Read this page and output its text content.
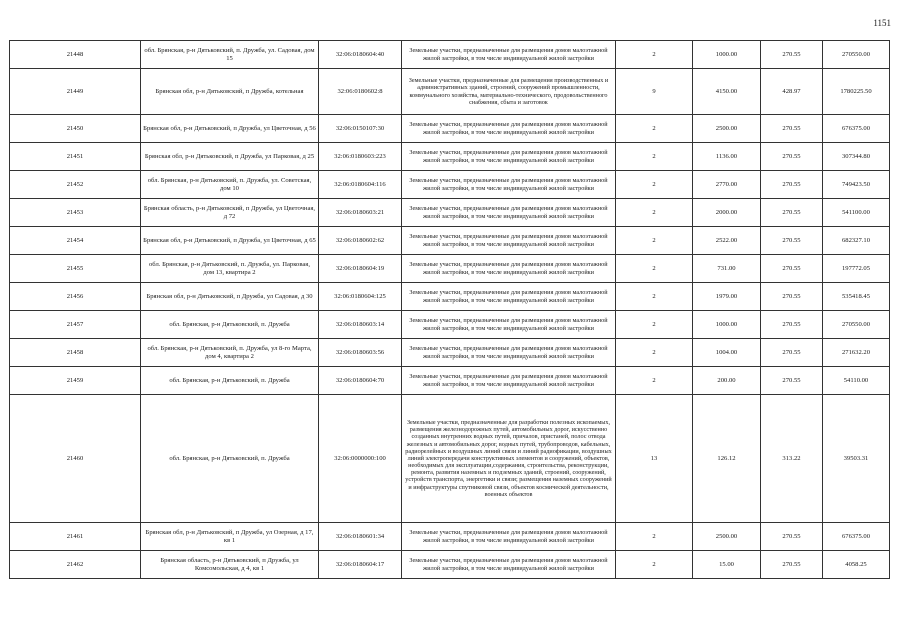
1151
21448	обл. Брянская, р-н Дятьковский, п. Дружба, ул. Садовая, дом 15	32:06:0180604:40	Земельные участки, предназначенные для размещения домов малоэтажной жилой застройки, в том числе индивидуальной жилой застройки	2	1000.00	270.55	270550.00
21449	Брянская обл, р-н Дятьковский, п Дружба, котельная	32:06:0180602:8	Земельные участки, предназначенные для размещения производственных и административных зданий, строений, сооружений промышленности, коммунального хозяйства, материально-технического, продовольственного снабжения, сбыта и заготовок	9	4150.00	428.97	1780225.50
21450	Брянская обл, р-н Дятьковский, п Дружба, ул Цветочная, д 56	32:06:0150107:30	Земельные участки, предназначенные для размещения домов малоэтажной жилой застройки, в том числе индивидуальной жилой застройки	2	2500.00	270.55	676375.00
21451	Брянская обл, р-н Дятьковский, п Дружба, ул Парковая, д 25	32:06:0180603:223	Земельные участки, предназначенные для размещения домов малоэтажной жилой застройки, в том числе индивидуальной жилой застройки	2	1136.00	270.55	307344.80
21452	обл. Брянская, р-н Дятьковский, п. Дружба, ул. Советская, дом 10	32:06:0180604:116	Земельные участки, предназначенные для размещения домов малоэтажной жилой застройки, в том числе индивидуальной жилой застройки	2	2770.00	270.55	749423.50
21453	Брянская область, р-н Дятьковский, п Дружба, ул Цветочная, д 72	32:06:0180603:21	Земельные участки, предназначенные для размещения домов малоэтажной жилой застройки, в том числе индивидуальной жилой застройки	2	2000.00	270.55	541100.00
21454	Брянская обл, р-н Дятьковский, п Дружба, ул Цветочная, д 65	32:06:0180602:62	Земельные участки, предназначенные для размещения домов малоэтажной жилой застройки, в том числе индивидуальной жилой застройки	2	2522.00	270.55	682327.10
21455	обл. Брянская, р-н Дятьковский, п. Дружба, ул. Парковая, дом 13, квартира 2	32:06:0180604:19	Земельные участки, предназначенные для размещения домов малоэтажной жилой застройки, в том числе индивидуальной жилой застройки	2	731.00	270.55	197772.05
21456	Брянская обл, р-н Дятьковский, п Дружба, ул Садовая, д 30	32:06:0180604:125	Земельные участки, предназначенные для размещения домов малоэтажной жилой застройки, в том числе индивидуальной жилой застройки	2	1979.00	270.55	535418.45
21457	обл. Брянская, р-н Дятьковский, п. Дружба	32:06:0180603:14	Земельные участки, предназначенные для размещения домов малоэтажной жилой застройки, в том числе индивидуальной жилой застройки	2	1000.00	270.55	270550.00
21458	обл. Брянская, р-н Дятьковский, п. Дружба, ул 8-го Марта, дом 4, квартира 2	32:06:0180603:56	Земельные участки, предназначенные для размещения домов малоэтажной жилой застройки, в том числе индивидуальной жилой застройки	2	1004.00	270.55	271632.20
21459	обл. Брянская, р-н Дятьковский, п. Дружба	32:06:0180604:70	Земельные участки, предназначенные для размещения домов малоэтажной жилой застройки, в том числе индивидуальной жилой застройки	2	200.00	270.55	54110.00
21460	обл. Брянская, р-н Дятьковский, п. Дружба	32:06:0000000:100	Земельные участки, предназначенные для разработки полезных ископаемых, размещения железнодорожных путей, автомобильных дорог, искусственно созданных внутренних водных путей, причалов, пристаней, полос отвода железных и автомобильных дорог, водных путей, трубопроводов, кабельных, радиорелейных и воздушных линий связи и линий радиофикации, воздушных линий электропередачи конструктивных элементов и сооружений, объектов, необходимых для эксплуатации,содержания, строительства, реконструкции, ремонта, развития наземных и подземных зданий, строений, сооружений, устройств транспорта, энергетики и связи; размещения наземных сооружений и инфраструктуры спутниковой связи, объектов космической деятельности, военных объектов	13	126.12	313.22	39503.31
21461	Брянская обл, р-н Дятьковский, п Дружба, ул Озерная, д 17, кв 1	32:06:0180601:34	Земельные участки, предназначенные для размещения домов малоэтажной жилой застройки, в том числе индивидуальной жилой застройки	2	2500.00	270.55	676375.00
21462	Брянская область, р-н Дятьковский, п Дружба, ул Комсомольская, д 4, кв 1	32:06:0180604:17	Земельные участки, предназначенные для размещения домов малоэтажной жилой застройки, в том числе индивидуальной жилой застройки	2	15.00	270.55	4058.25
